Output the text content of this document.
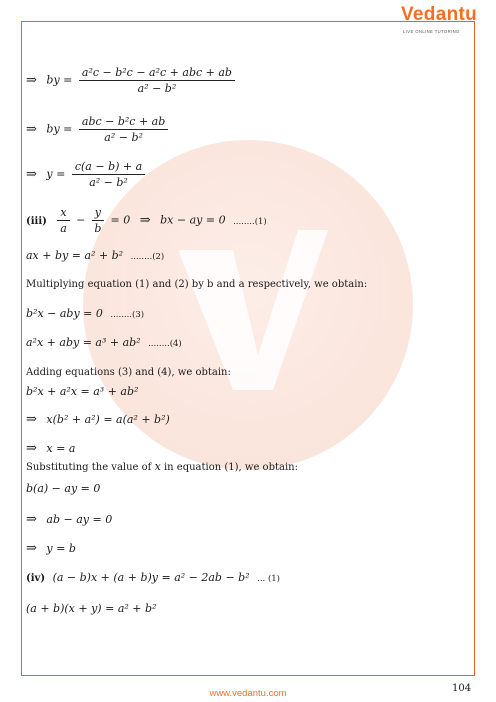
Vedantu
LIVE ONLINE TUTORING
⇒ by = $\frac{\text{a²c − b²c − a²c + abc + ab}}{\text{a² − b²}}$
⇒ by = $\frac{\text{abc − b²c + ab}}{\text{a² − b²}}$
⇒ $y = \frac{c(a - b) + a}{\text{a² − b²}}$
$(iii) \frac{x}{a} - \frac{y}{b} = 0$ ⇒ bx − ay = 0 ........(1)
ax + by = a² + b² ........(2)
Multiplying equation (1) and (2) by b and a respectively, we obtain:
b²x − aby = 0 ........(3)
a²x + aby = a³ + ab² ........(4)
Adding equations (3) and (4), we obtain:
b²x + a²x = a³ + ab²
⇒ x(b² + a²) = a(a² + b²)
⇒ x = a
Substituting the value of x in equation (1), we obtain:
b(a) − ay = 0
⇒ ab − ay = 0
⇒ y = b
(iv) (a − b)x + (a + b)y = a² − 2ab − b² ... (1)
(a + b)(x + y) = a² + b²
104
www.vedantu.com
